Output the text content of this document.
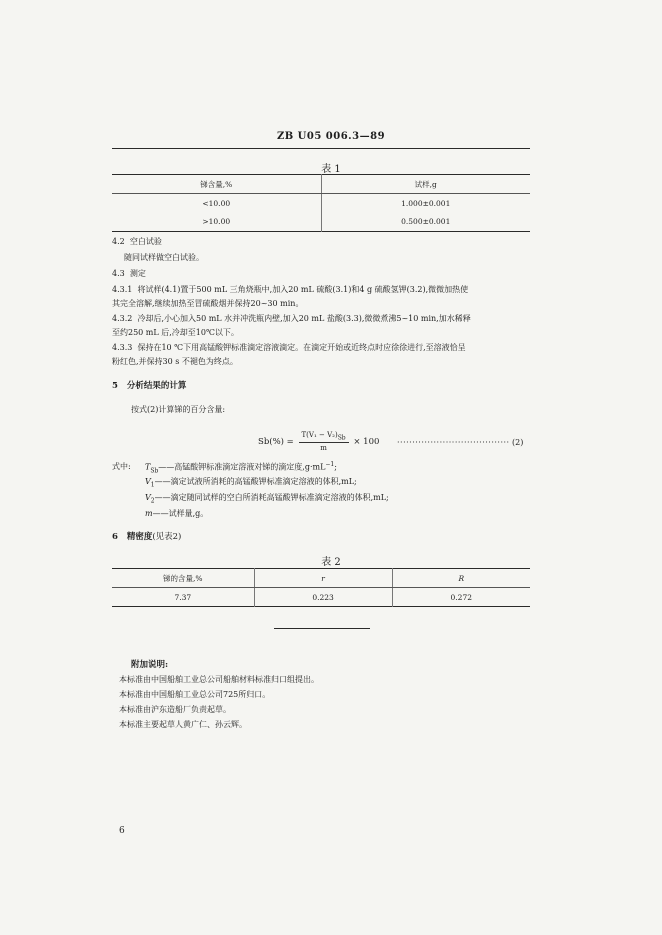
ZB U05 006.3—89
表 1
锑含量,%	试样,g
<10.00	1.000±0.001
>10.00	0.500±0.001
4.2 空白试验
随同试样做空白试验。
4.3 测定
4.3.1 将试样(4.1)置于500 mL 三角烧瓶中,加入20 mL 硫酸(3.1)和4 g 硫酸氢钾(3.2),微微加热使
其完全溶解,继续加热至冒硫酸烟并保持20~30 min。
4.3.2 冷却后,小心加入50 mL 水并冲洗瓶内壁,加入20 mL 盐酸(3.3),微微煮沸5~10 min,加水稀释
至约250 mL 后,冷却至10℃以下。
4.3.3 保持在10 ℃下用高锰酸钾标准滴定溶液滴定。在滴定开始或近终点时应徐徐进行,至溶液恰呈
粉红色,并保持30 s 不褪色为终点。
5 分析结果的计算
按式(2)计算锑的百分含量:
$Sb(\%) = \frac{T(V_1 - V_2)_{Sb}}{m} \times 100$ ····································· (2)
式中: $T_{Sb}——$高锰酸钾标准滴定溶液对锑的滴定度$,g\cdot mL^{-1}$;
$V_1——$滴定试液所消耗的高锰酸钾标准滴定溶液的体积,mL;
$V_2——$滴定随同试样的空白所消耗高锰酸钾标准滴定溶液的体积,mL;
m——试样量,g。
6 精密度(见表2)
表 2
锑的含量,%	r	R
7.37	0.223	0.272
附加说明:
本标准由中国船舶工业总公司船舶材料标准归口组提出。
本标准由中国船舶工业总公司725所归口。
本标准由沪东造船厂负责起草。
本标准主要起草人黄广仁、孙云辉。
6
